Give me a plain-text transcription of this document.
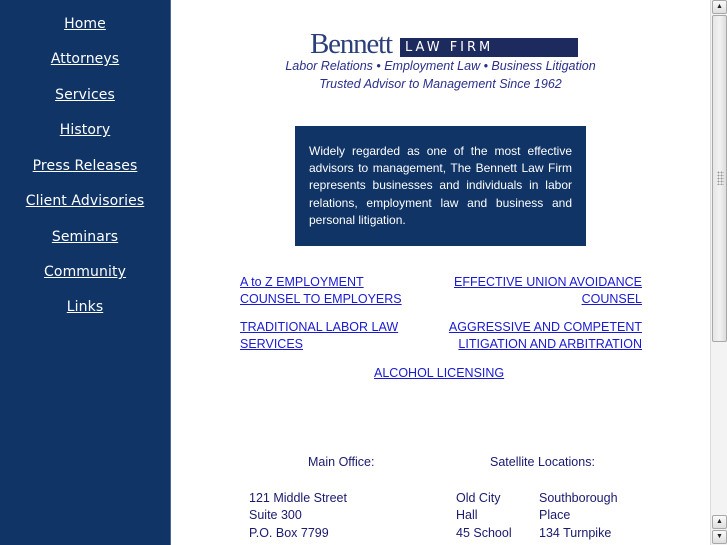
Home
Attorneys
Services
History
Press Releases
Client Advisories
Seminars
Community
Links
Bennett	LAW FIRM
Labor Relations • Employment Law • Business Litigation
Trusted Advisor to Management Since 1962
Widely regarded as one of the most effective advisors to management, The Bennett Law Firm represents businesses and individuals in labor relations, employment law and business and personal litigation.
A to Z EMPLOYMENT COUNSEL TO EMPLOYERS
EFFECTIVE UNION AVOIDANCE COUNSEL
TRADITIONAL LABOR LAW SERVICES
AGGRESSIVE AND COMPETENT LITIGATION AND ARBITRATION
ALCOHOL LICENSING
Main Office:	Satellite Locations:
121 Middle Street
Suite 300
P.O. Box 7799
Old City
Hall
45 School
Southborough
Place
134 Turnpike
▲
▲
▼
